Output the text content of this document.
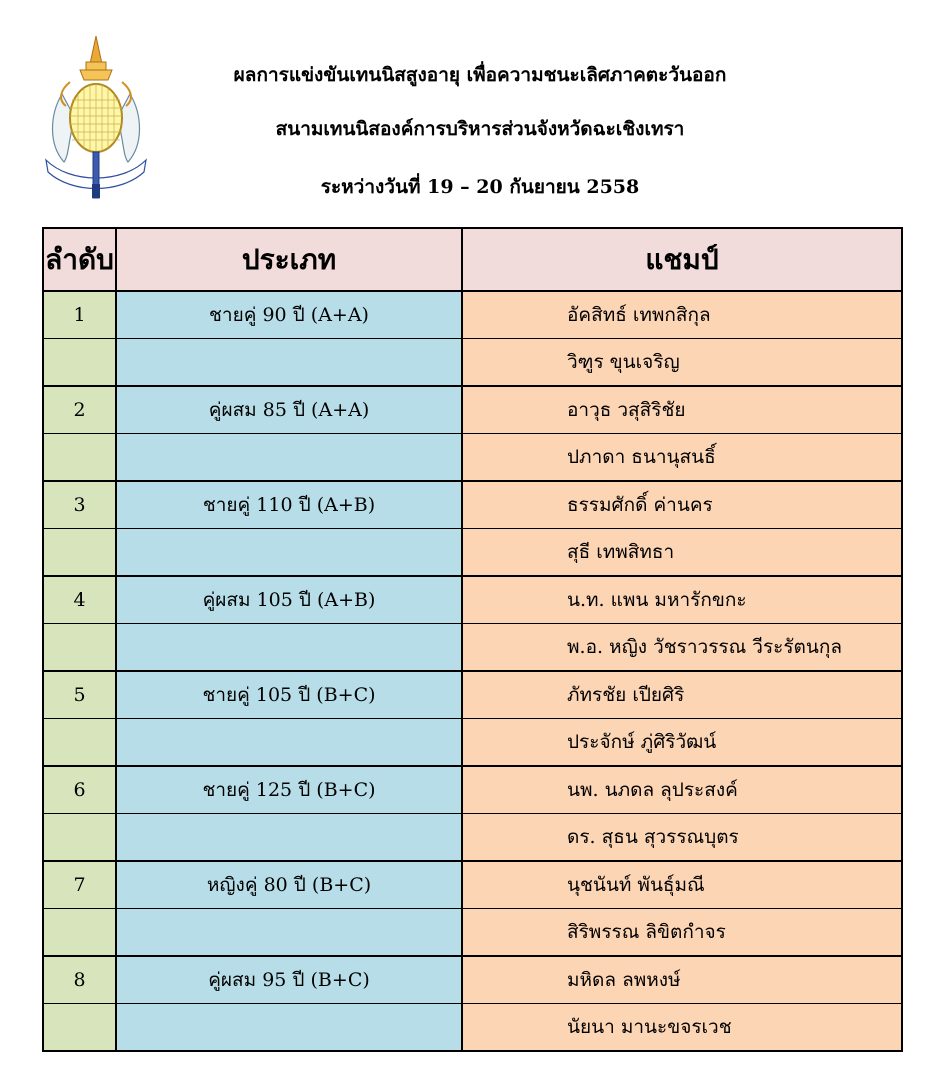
ผลการแข่งขันเทนนิสสูงอายุ เพื่อความชนะเลิศภาคตะวันออก
สนามเทนนิสองค์การบริหารส่วนจังหวัดฉะเชิงเทรา
ระหว่างวันที่ 19 – 20 กันยายน 2558
ลำดับ	ประเภท	แชมป์
1	ชายคู่ 90 ปี (A+A)	อัคสิทธ์ เทพกสิกุล
		วิฑูร ขุนเจริญ
2	คู่ผสม 85 ปี (A+A)	อาวุธ วสุสิริชัย
		ปภาดา ธนานุสนธิ์
3	ชายคู่ 110 ปี (A+B)	ธรรมศักดิ์ ค่านคร
		สุธี เทพสิทธา
4	คู่ผสม 105 ปี (A+B)	น.ท. แพน มหารักขกะ
		พ.อ. หญิง วัชราวรรณ วีระรัตนกุล
5	ชายคู่ 105 ปี (B+C)	ภัทรชัย เปียศิริ
		ประจักษ์ ภู่ศิริวัฒน์
6	ชายคู่ 125 ปี (B+C)	นพ. นภดล ลุประสงค์
		ดร. สุธน สุวรรณบุตร
7	หญิงคู่ 80 ปี (B+C)	นุชนันท์ พันธุ์มณี
		สิริพรรณ ลิขิตกำจร
8	คู่ผสม 95 ปี (B+C)	มหิดล ลพหงษ์
		นัยนา มานะขจรเวช
